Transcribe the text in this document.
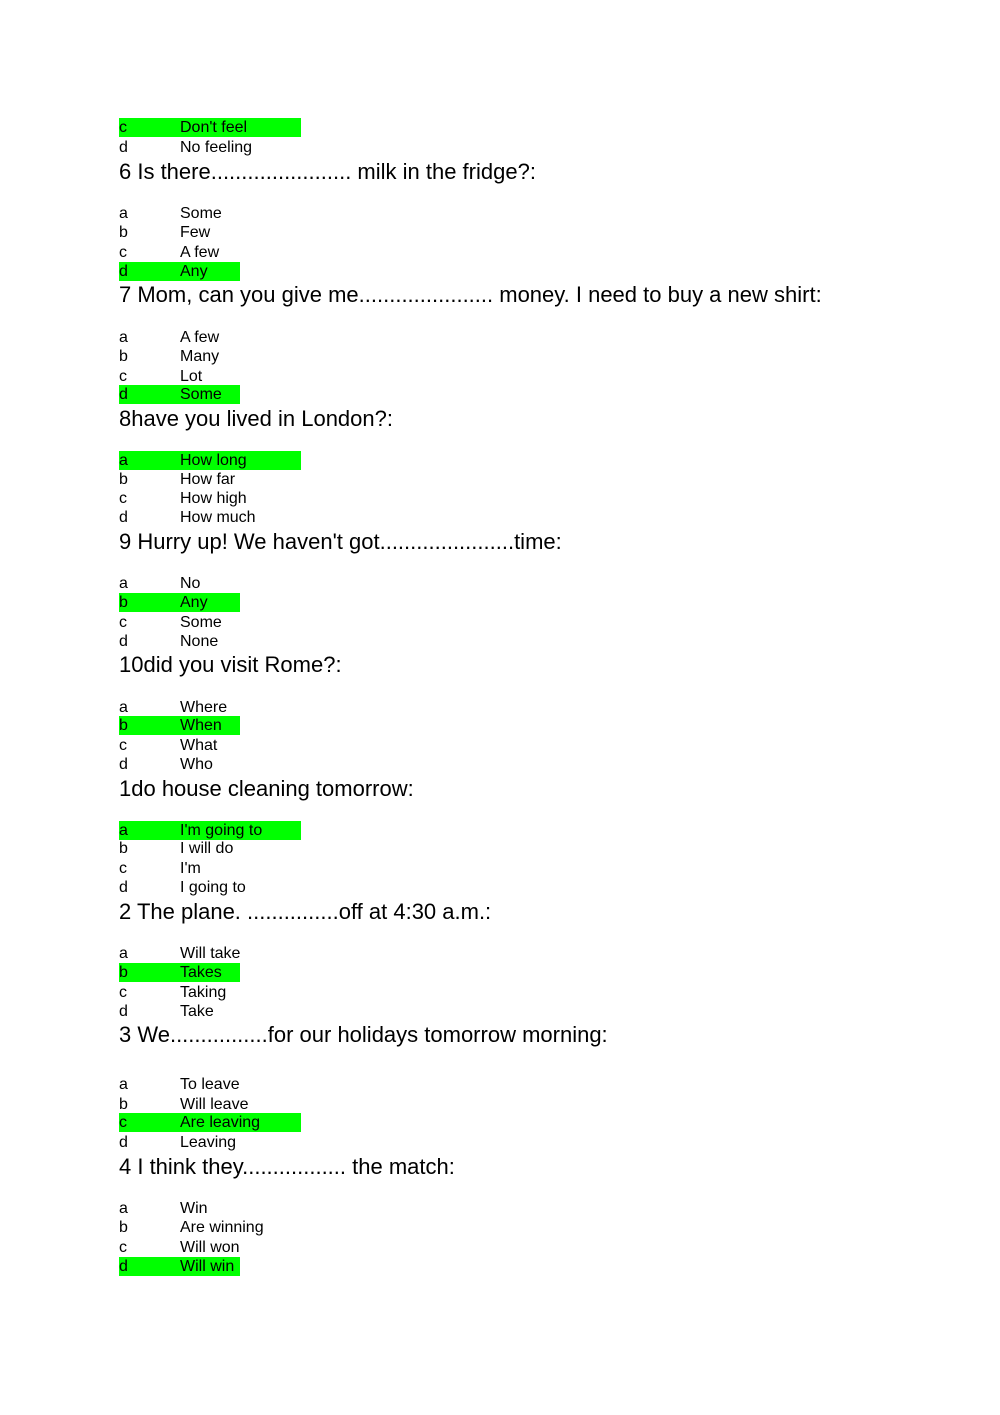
c	Don't feel
d	No feeling
6 Is there....................... milk in the fridge?:
a	Some
b	Few
c	A few
d	Any
7 Mom, can you give me...................... money. I need to buy a new shirt:
a	A few
b	Many
c	Lot
d	Some
8have you lived in London?:
a	How long
b	How far
c	How high
d	How much
9 Hurry up! We haven't got......................time:
a	No
b	Any
c	Some
d	None
10did you visit Rome?:
a	Where
b	When
c	What
d	Who
1do house cleaning tomorrow:
a	I'm going to
b	I will do
c	I'm
d	I going to
2 The plane. ...............off at 4:30 a.m.:
a	Will take
b	Takes
c	Taking
d	Take
3 We................for our holidays tomorrow morning:
a	To leave
b	Will leave
c	Are leaving
d	Leaving
4 I think they................. the match:
a	Win
b	Are winning
c	Will won
d	Will win
